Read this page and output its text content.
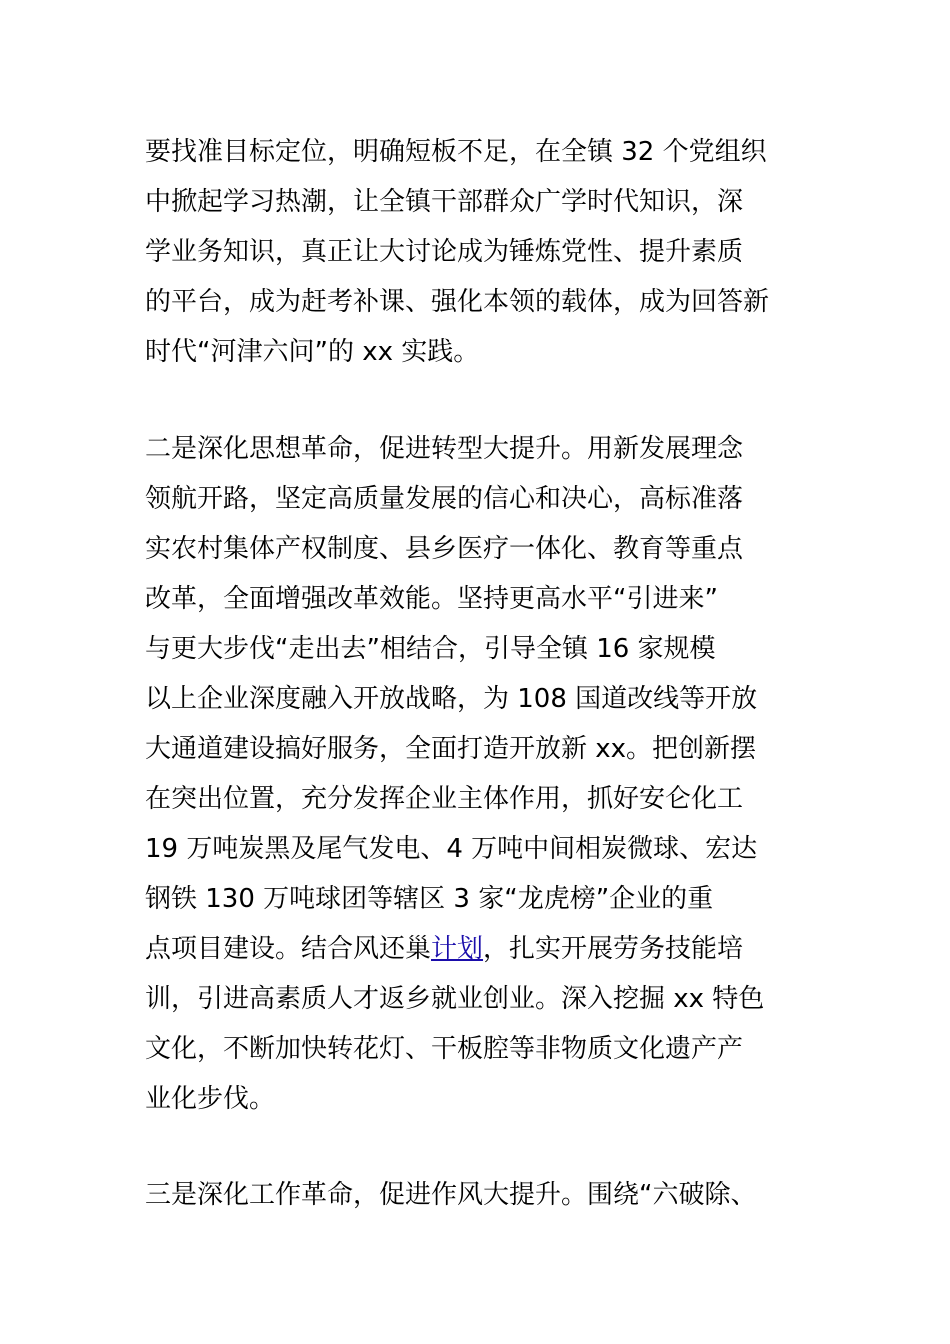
要找准目标定位，明确短板不足，在全镇 32 个党组织
中掀起学习热潮，让全镇干部群众广学时代知识，深
学业务知识，真正让大讨论成为锤炼党性、提升素质
的平台，成为赶考补课、强化本领的载体，成为回答新
时代“河津六问”的 xx 实践。
二是深化思想革命，促进转型大提升。用新发展理念
领航开路，坚定高质量发展的信心和决心，高标准落
实农村集体产权制度、县乡医疗一体化、教育等重点
改革，全面增强改革效能。坚持更高水平“引进来”
与更大步伐“走出去”相结合，引导全镇 16 家规模
以上企业深度融入开放战略，为 108 国道改线等开放
大通道建设搞好服务，全面打造开放新 xx。把创新摆
在突出位置，充分发挥企业主体作用，抓好安仑化工
19 万吨炭黑及尾气发电、4 万吨中间相炭微球、宏达
钢铁 130 万吨球团等辖区 3 家“龙虎榜”企业的重
点项目建设。结合风还巢计划，扎实开展劳务技能培
训，引进高素质人才返乡就业创业。深入挖掘 xx 特色
文化，不断加快转花灯、干板腔等非物质文化遗产产
业化步伐。
三是深化工作革命，促进作风大提升。围绕“六破除、
